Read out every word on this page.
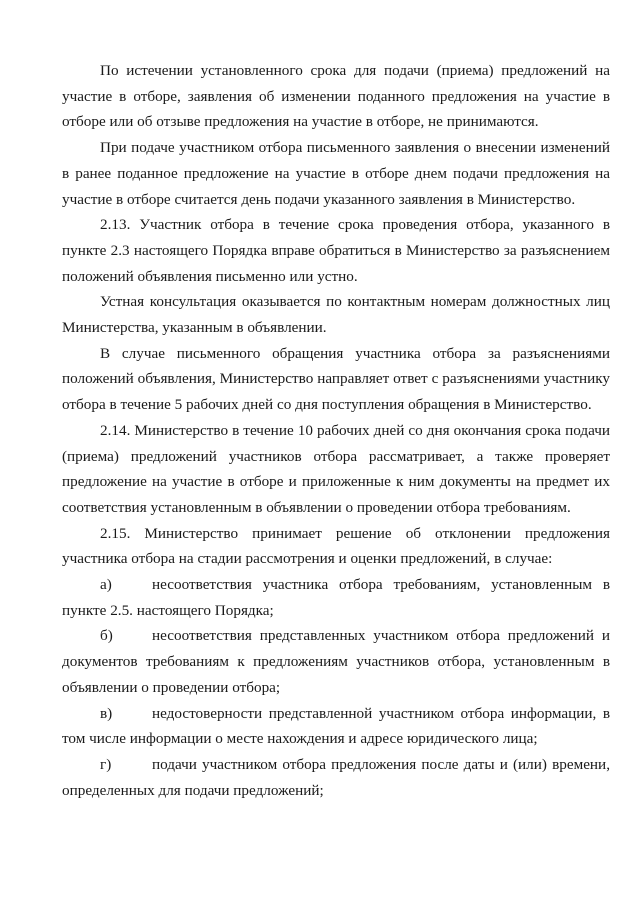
По истечении установленного срока для подачи (приема) предложений на участие в отборе, заявления об изменении поданного предложения на участие в отборе или об отзыве предложения на участие в отборе, не принимаются.

При подаче участником отбора письменного заявления о внесении изменений в ранее поданное предложение на участие в отборе днем подачи предложения на участие в отборе считается день подачи указанного заявления в Министерство.

2.13. Участник отбора в течение срока проведения отбора, указанного в пункте 2.3 настоящего Порядка вправе обратиться в Министерство за разъяснением положений объявления письменно или устно.

Устная консультация оказывается по контактным номерам должностных лиц Министерства, указанным в объявлении.

В случае письменного обращения участника отбора за разъяснениями положений объявления, Министерство направляет ответ с разъяснениями участнику отбора в течение 5 рабочих дней со дня поступления обращения в Министерство.

2.14. Министерство в течение 10 рабочих дней со дня окончания срока подачи (приема) предложений участников отбора рассматривает, а также проверяет предложение на участие в отборе и приложенные к ним документы на предмет их соответствия установленным в объявлении о проведении отбора требованиям.

2.15. Министерство принимает решение об отклонении предложения участника отбора на стадии рассмотрения и оценки предложений, в случае:

а)	несоответствия участника отбора требованиям, установленным в пункте 2.5. настоящего Порядка;

б)	несоответствия представленных участником отбора предложений и документов требованиям к предложениям участников отбора, установленным в объявлении о проведении отбора;

в)	недостоверности представленной участником отбора информации, в том числе информации о месте нахождения и адресе юридического лица;

г)	подачи участником отбора предложения после даты и (или) времени, определенных для подачи предложений;
